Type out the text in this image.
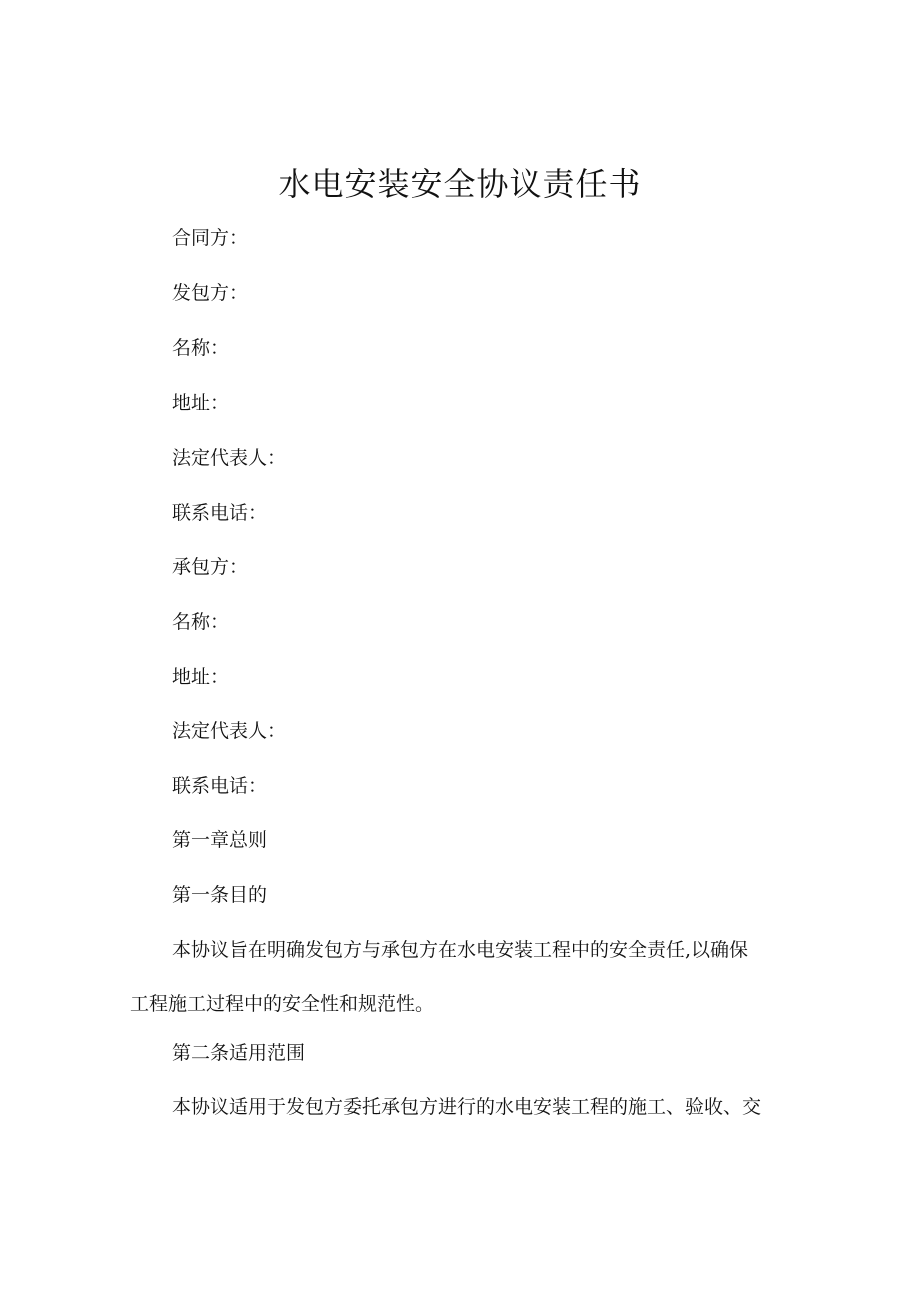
水电安装安全协议责任书

合同方：

发包方：

名称：

地址：

法定代表人：

联系电话：

承包方：

名称：

地址：

法定代表人：

联系电话：

第一章总则

第一条目的

本协议旨在明确发包方与承包方在水电安装工程中的安全责任,以确保
工程施工过程中的安全性和规范性。

第二条适用范围

本协议适用于发包方委托承包方进行的水电安装工程的施工、验收、交
